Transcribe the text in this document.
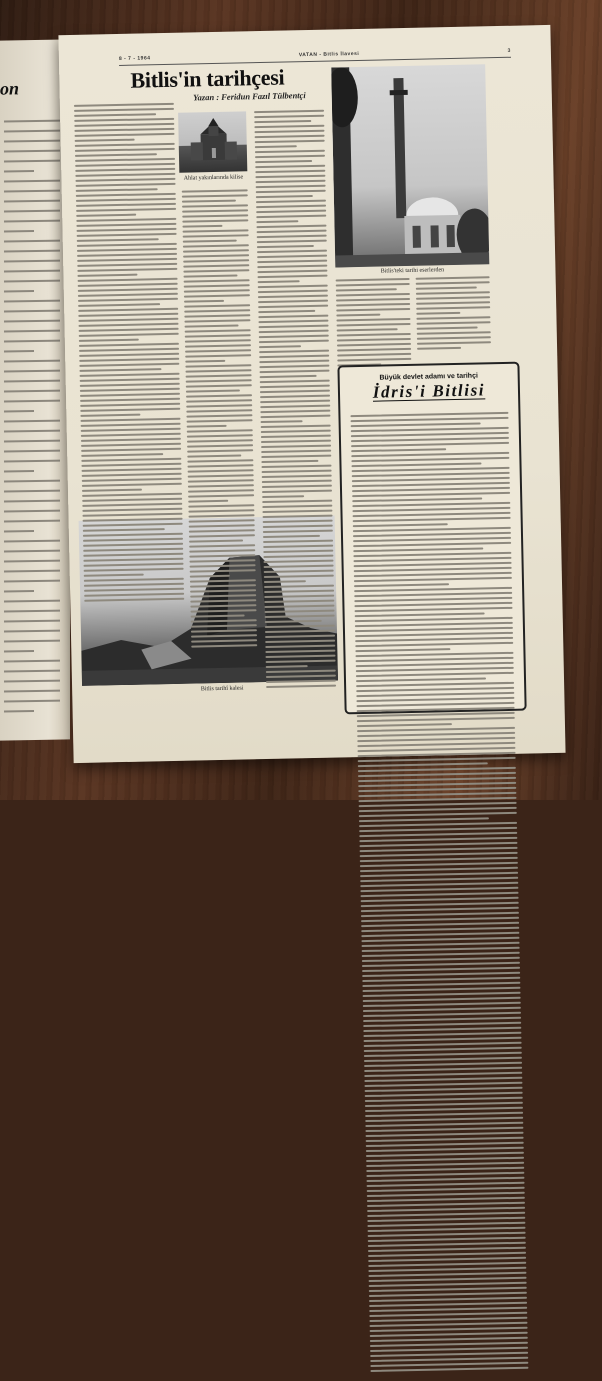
on
8 - 7 - 1964
VATAN - Bitlis İlavesi
3
Bitlis'in tarihçesi
Yazan : Feridun Fazıl Tülbentçi
Ahlat yakınlarında kilise
Bitlis'teki tarihi eserlerden
Bitlis tarihî kalesi
Büyük devlet adamı ve tarihçi
İdris'i Bitlisi
